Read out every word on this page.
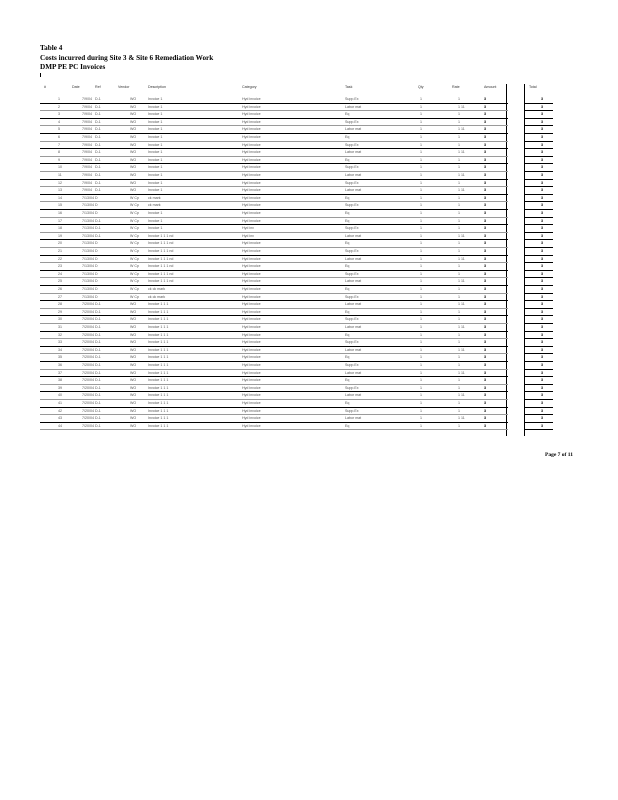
Table 4
Costs incurred during Site 3 & Site 6 Remediation Work
DMP PE PC Invoices
#	Date	Ref	Vendor	Description	Category	Task	Qty	Rate	Amount	Total
1	7/9/04 D-1	WO	Invoice 1	Hyd invoice	Supp.Ex	1	1	3	3
2	7/9/04 D-1	WO	Invoice 1	Hyd invoice	Labor mat	1	1 11	3	3
3	7/9/04 D-1	WO	Invoice 1	Hyd invoice	Eq	1	1	3	3
4	7/9/04 D-1	WO	Invoice 1	Hyd invoice	Supp.Ex	1	1	3	3
5	7/9/04 D-1	WO	Invoice 1	Hyd invoice	Labor mat	1	1 11	3	3
6	7/9/04 D-1	WO	Invoice 1	Hyd invoice	Eq	1	1	3	3
7	7/9/04 D-1	WO	Invoice 1	Hyd invoice	Supp.Ex	1	1	3	3
8	7/9/04 D-1	WO	Invoice 1	Hyd invoice	Labor mat	1	1 11	3	3
9	7/9/04 D-1	WO	Invoice 1	Hyd invoice	Eq	1	1	3	3
10	7/9/04 D-1	WO	Invoice 1	Hyd invoice	Supp.Ex	1	1	3	3
11	7/9/04 D-1	WO	Invoice 1	Hyd invoice	Labor mat	1	1 11	3	3
12	7/9/04 D-1	WO	Invoice 1	Hyd invoice	Supp.Ex	1	1	3	3
13	7/9/04 D-1	WO	Invoice 1	Hyd invoice	Labor mat	1	1 11	3	3
14	7/13/04 D	W Cp	ck mark	Hyd invoice	Eq	1	1	3	3
15	7/13/04 D	W Cp	ck mark	Hyd invoice	Supp.Ex	1	1	3	3
16	7/13/04 D	W Cp	Invoice 1	Hyd invoice	Eq	1	1	3	3
17	7/13/04 D-1	W Cp	Invoice 1	Hyd invoice	Eq	1	1	3	3
18	7/13/04 D-1	W Cp	Invoice 1	Hyd inv	Supp.Ex	1	1	3	3
19	7/13/04 D-1	W Cp	Invoice 1 1 1 nd	Hyd inv	Labor mat	1	1 11	3	3
20	7/13/04 D	W Cp	Invoice 1 1 1 nd	Hyd invoice	Eq	1	1	3	3
21	7/13/04 D	W Cp	Invoice 1 1 1 nd	Hyd invoice	Supp.Ex	1	1	3	3
22	7/13/04 D	W Cp	Invoice 1 1 1 nd	Hyd invoice	Labor mat	1	1 11	3	3
23	7/13/04 D	W Cp	Invoice 1 1 1 nd	Hyd invoice	Eq	1	1	3	3
24	7/13/04 D	W Cp	Invoice 1 1 1 nd	Hyd invoice	Supp.Ex	1	1	3	3
25	7/13/04 D	W Cp	Invoice 1 1 1 nd	Hyd invoice	Labor mat	1	1 11	3	3
26	7/13/04 D	W Cp	ck ck mark	Hyd invoice	Eq	1	1	3	3
27	7/13/04 D	W Cp	ck ck mark	Hyd invoice	Supp.Ex	1	1	3	3
28	7/20/04 D-1	WO	Invoice 1 1 1	Hyd invoice	Labor mat	1	1 11	3	3
29	7/20/04 D-1	WO	Invoice 1 1 1	Hyd invoice	Eq	1	1	3	3
30	7/20/04 D-1	WO	Invoice 1 1 1	Hyd invoice	Supp.Ex	1	1	3	3
31	7/20/04 D-1	WO	Invoice 1 1 1	Hyd invoice	Labor mat	1	1 11	3	3
32	7/20/04 D-1	WO	Invoice 1 1 1	Hyd invoice	Eq	1	1	3	3
33	7/20/04 D-1	WO	Invoice 1 1 1	Hyd invoice	Supp.Ex	1	1	3	3
34	7/20/04 D-1	WO	Invoice 1 1 1	Hyd invoice	Labor mat	1	1 11	3	3
35	7/20/04 D-1	WO	Invoice 1 1 1	Hyd invoice	Eq	1	1	3	3
36	7/20/04 D-1	WO	Invoice 1 1 1	Hyd invoice	Supp.Ex	1	1	3	3
37	7/20/04 D-1	WO	Invoice 1 1 1	Hyd invoice	Labor mat	1	1 11	3	3
38	7/20/04 D-1	WO	Invoice 1 1 1	Hyd invoice	Eq	1	1	3	3
39	7/20/04 D-1	WO	Invoice 1 1 1	Hyd invoice	Supp.Ex	1	1	3	3
40	7/20/04 D-1	WO	Invoice 1 1 1	Hyd invoice	Labor mat	1	1 11	3	3
41	7/20/04 D-1	WO	Invoice 1 1 1	Hyd invoice	Eq	1	1	3	3
42	7/20/04 D-1	WO	Invoice 1 1 1	Hyd invoice	Supp.Ex	1	1	3	3
43	7/20/04 D-1	WO	Invoice 1 1 1	Hyd invoice	Labor mat	1	1 11	3	3
44	7/20/04 D-1	WO	Invoice 1 1 1	Hyd invoice	Eq	1	1	3	3
Page 7 of 11
